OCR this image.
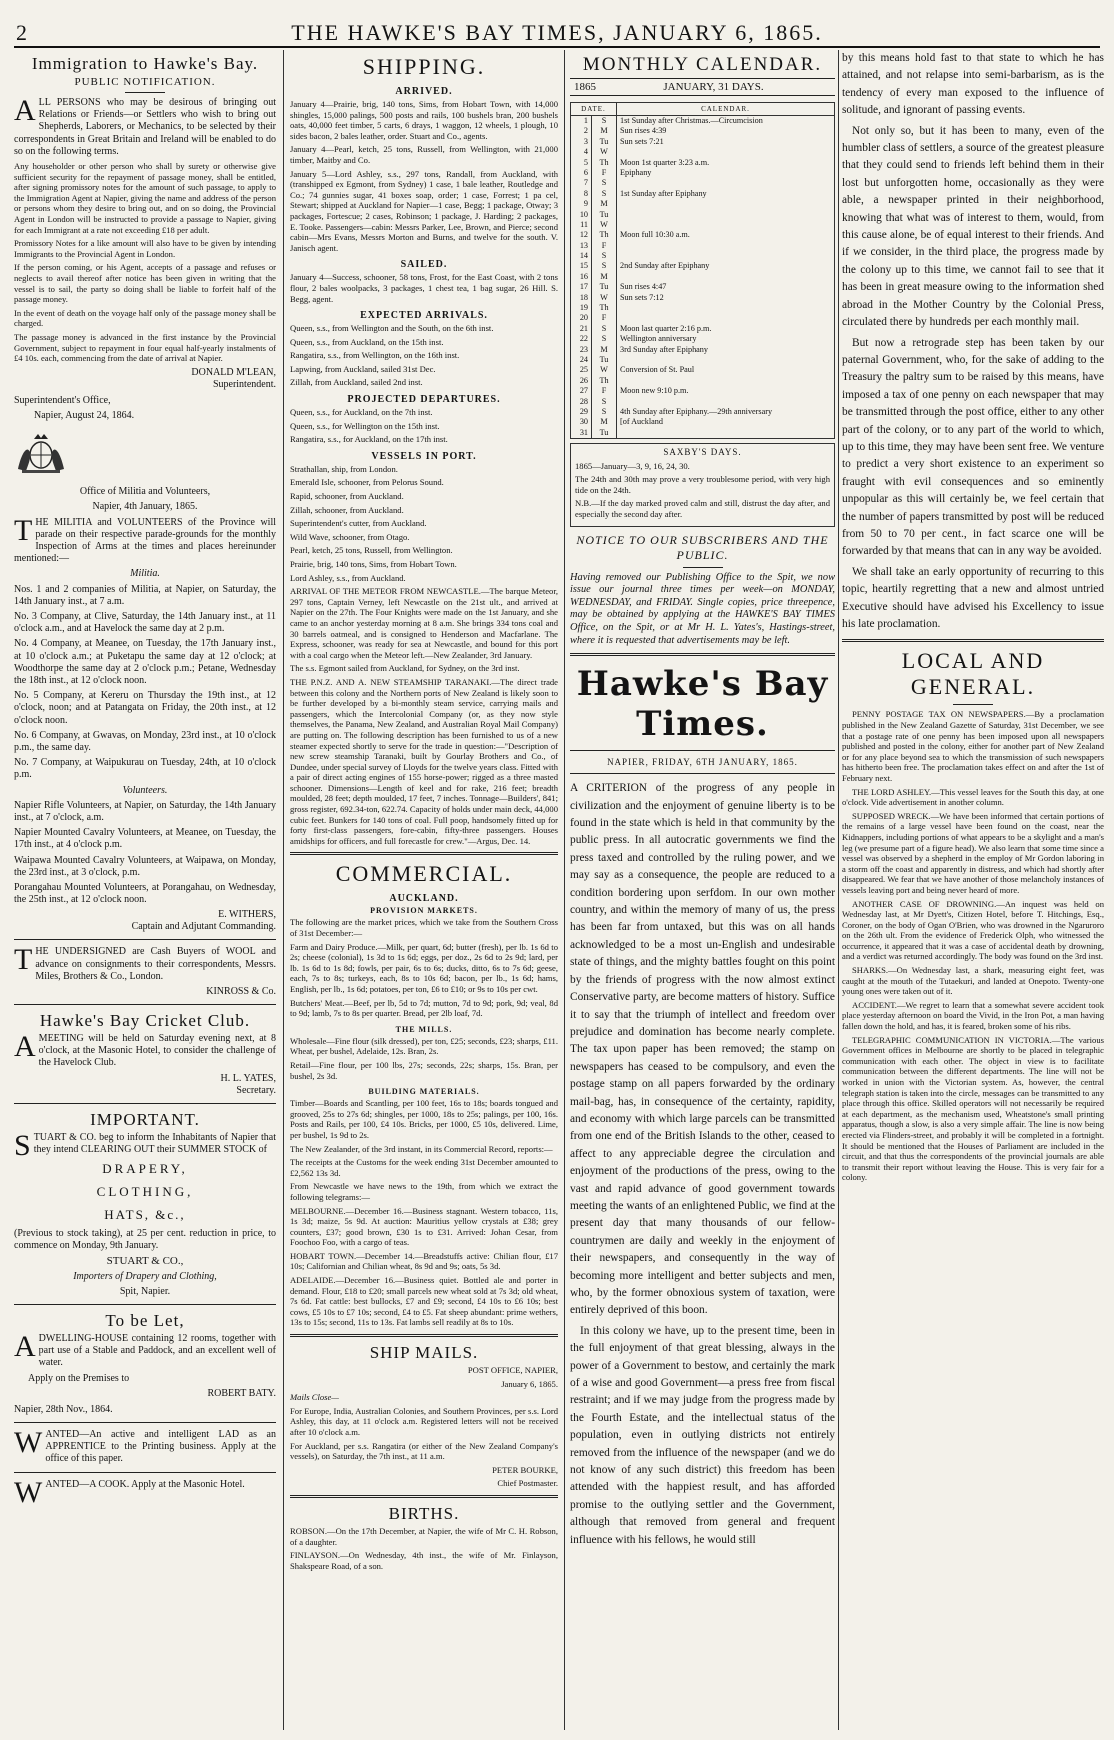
2	THE HAWKE'S BAY TIMES, JANUARY 6, 1865.
Immigration to Hawke's Bay.
PUBLIC NOTIFICATION.

ALL PERSONS who may be desirous of bringing out Relations or Friends—or Settlers who wish to bring out Shepherds, Laborers, or Mechanics, to be selected by their correspondents in Great Britain and Ireland will be enabled to do so on the following terms.

Any householder or other person who shall by surety or otherwise give sufficient security for the repayment of passage money, shall be entitled, after signing promissory notes for the amount of such passage, to apply to the Immigration Agent at Napier, giving the name and address of the person or persons whom they desire to bring out, and on so doing, the Provincial Agent in London will be instructed to provide a passage to Napier, giving for each Immigrant at a rate not exceeding £18 per adult.

Promissory Notes for a like amount will also have to be given by intending Immigrants to the Provincial Agent in London.

If the person coming, or his Agent, accepts of a passage and refuses or neglects to avail thereof after notice has been given in writing that the vessel is to sail, the party so doing shall be liable to forfeit half of the passage money.

In the event of death on the voyage half only of the passage money shall be charged.

The passage money is advanced in the first instance by the Provincial Government, subject to repayment in four equal half-yearly instalments of £4 10s. each, commencing from the date of arrival at Napier.

DONALD M'LEAN,
Superintendent.

Superintendent's Office,

Napier, August 24, 1864.

Office of Militia and Volunteers,

Napier, 4th January, 1865.

THE MILITIA and VOLUNTEERS of the Province will parade on their respective parade-grounds for the monthly Inspection of Arms at the times and places hereinunder mentioned:—

Militia.

Nos. 1 and 2 companies of Militia, at Napier, on Saturday, the 14th January inst., at 7 a.m.

No. 3 Company, at Clive, Saturday, the 14th January inst., at 11 o'clock a.m., and at Havelock the same day at 2 p.m.

No. 4 Company, at Meanee, on Tuesday, the 17th January inst., at 10 o'clock a.m.; at Puketapu the same day at 12 o'clock; at Woodthorpe the same day at 2 o'clock p.m.; Petane, Wednesday the 18th inst., at 12 o'clock noon.

No. 5 Company, at Kereru on Thursday the 19th inst., at 12 o'clock, noon; and at Patangata on Friday, the 20th inst., at 12 o'clock noon.

No. 6 Company, at Gwavas, on Monday, 23rd inst., at 10 o'clock p.m., the same day.

No. 7 Company, at Waipukurau on Tuesday, 24th, at 10 o'clock p.m.

Volunteers.

Napier Rifle Volunteers, at Napier, on Saturday, the 14th January inst., at 7 o'clock, a.m.

Napier Mounted Cavalry Volunteers, at Meanee, on Tuesday, the 17th inst., at 4 o'clock p.m.

Waipawa Mounted Cavalry Volunteers, at Waipawa, on Monday, the 23rd inst., at 3 o'clock, p.m.

Porangahau Mounted Volunteers, at Porangahau, on Wednesday, the 25th inst., at 12 o'clock noon.

E. WITHERS,
Captain and Adjutant Commanding.

THE UNDERSIGNED are Cash Buyers of WOOL and advance on consignments to their correspondents, Messrs. Miles, Brothers & Co., London.

KINROSS & Co.
Hawke's Bay Cricket Club.

AMEETING will be held on Saturday evening next, at 8 o'clock, at the Masonic Hotel, to consider the challenge of the Havelock Club.

H. L. YATES,
Secretary.
IMPORTANT.

STUART & CO. beg to inform the Inhabitants of Napier that they intend CLEARING OUT their SUMMER STOCK of

DRAPERY,

CLOTHING,

HATS, &c.,

(Previous to stock taking), at 25 per cent. reduction in price, to commence on Monday, 9th January.

STUART & CO.,

Importers of Drapery and Clothing,

Spit, Napier.

To be Let,

ADWELLING-HOUSE containing 12 rooms, together with part use of a Stable and Paddock, and an excellent well of water.

Apply on the Premises to

ROBERT BATY.

Napier, 28th Nov., 1864.

WANTED—An active and intelligent LAD as an APPRENTICE to the Printing business. Apply at the office of this paper.

WANTED—A COOK. Apply at the Masonic Hotel.

SHIPPING.
ARRIVED.

January 4—Prairie, brig, 140 tons, Sims, from Hobart Town, with 14,000 shingles, 15,000 palings, 500 posts and rails, 100 bushels bran, 200 bushels oats, 40,000 feet timber, 5 carts, 6 drays, 1 waggon, 12 wheels, 1 plough, 10 sides bacon, 2 bales leather, order. Stuart and Co., agents.

January 4—Pearl, ketch, 25 tons, Russell, from Wellington, with 21,000 timber, Maitby and Co.

January 5—Lord Ashley, s.s., 297 tons, Randall, from Auckland, with (transhipped ex Egmont, from Sydney) 1 case, 1 bale leather, Routledge and Co.; 74 gunnies sugar, 41 boxes soap, order; 1 case, Forrest; 1 pa cel, Stewart; shipped at Auckland for Napier—1 case, Begg; 1 package, Otway; 3 packages, Fortescue; 2 cases, Robinson; 1 package, J. Harding; 2 packages, E. Tooke. Passengers—cabin: Messrs Parker, Lee, Brown, and Pierce; second cabin—Mrs Evans, Messrs Morton and Burns, and twelve for the south. V. Janisch agent.

SAILED.

January 4—Success, schooner, 58 tons, Frost, for the East Coast, with 2 tons flour, 2 bales woolpacks, 3 packages, 1 chest tea, 1 bag sugar, 26 Hill. S. Begg, agent.

EXPECTED ARRIVALS.

Queen, s.s., from Wellington and the South, on the 6th inst.

Queen, s.s., from Auckland, on the 15th inst.

Rangatira, s.s., from Wellington, on the 16th inst.

Lapwing, from Auckland, sailed 31st Dec.

Zillah, from Auckland, sailed 2nd inst.

PROJECTED DEPARTURES.

Queen, s.s., for Auckland, on the 7th inst.

Queen, s.s., for Wellington on the 15th inst.

Rangatira, s.s., for Auckland, on the 17th inst.

VESSELS IN PORT.

Strathallan, ship, from London.

Emerald Isle, schooner, from Pelorus Sound.

Rapid, schooner, from Auckland.

Zillah, schooner, from Auckland.

Superintendent's cutter, from Auckland.

Wild Wave, schooner, from Otago.

Pearl, ketch, 25 tons, Russell, from Wellington.

Prairie, brig, 140 tons, Sims, from Hobart Town.

Lord Ashley, s.s., from Auckland.

ARRIVAL OF THE METEOR FROM NEWCASTLE.—The barque Meteor, 297 tons, Captain Verney, left Newcastle on the 21st ult., and arrived at Napier on the 27th. The Four Knights were made on the 1st January, and she came to an anchor yesterday morning at 8 a.m. She brings 334 tons coal and 30 barrels oatmeal, and is consigned to Henderson and Macfarlane. The Express, schooner, was ready for sea at Newcastle, and bound for this port with a coal cargo when the Meteor left.—New Zealander, 3rd January.

The s.s. Egmont sailed from Auckland, for Sydney, on the 3rd inst.

THE P.N.Z. AND A. NEW STEAMSHIP TARANAKI.—The direct trade between this colony and the Northern ports of New Zealand is likely soon to be further developed by a bi-monthly steam service, carrying mails and passengers, which the Intercolonial Company (or, as they now style themselves, the Panama, New Zealand, and Australian Royal Mail Company) are putting on. The following description has been furnished to us of a new steamer expected shortly to serve for the trade in question:—"Description of new screw steamship Taranaki, built by Gourlay Brothers and Co., of Dundee, under special survey of Lloyds for the twelve years class. Fitted with a pair of direct acting engines of 155 horse-power; rigged as a three masted schooner. Dimensions—Length of keel and for rake, 216 feet; breadth moulded, 28 feet; depth moulded, 17 feet, 7 inches. Tonnage—Builders', 841; gross register, 692.34-ton, 622.74. Capacity of holds under main deck, 44,000 cubic feet. Bunkers for 140 tons of coal. Full poop, handsomely fitted up for forty first-class passengers, fore-cabin, fifty-three passengers. Houses amidships for officers, and full forecastle for crew."—Argus, Dec. 14.

COMMERCIAL.
AUCKLAND.
PROVISION MARKETS.

The following are the market prices, which we take from the Southern Cross of 31st December:—

Farm and Dairy Produce.—Milk, per quart, 6d; butter (fresh), per lb. 1s 6d to 2s; cheese (colonial), 1s 3d to 1s 6d; eggs, per doz., 2s 6d to 2s 9d; lard, per lb. 1s 6d to 1s 8d; fowls, per pair, 6s to 6s; ducks, ditto, 6s to 7s 6d; geese, each, 7s to 8s; turkeys, each, 8s to 10s 6d; bacon, per lb., 1s 6d; hams, English, per lb., 1s 6d; potatoes, per ton, £6 to £10; or 9s to 10s per cwt.

Butchers' Meat.—Beef, per lb, 5d to 7d; mutton, 7d to 9d; pork, 9d; veal, 8d to 9d; lamb, 7s to 8s per quarter. Bread, per 2lb loaf, 7d.

THE MILLS.

Wholesale—Fine flour (silk dressed), per ton, £25; seconds, £23; sharps, £11. Wheat, per bushel, Adelaide, 12s. Bran, 2s.

Retail—Fine flour, per 100 lbs, 27s; seconds, 22s; sharps, 15s. Bran, per bushel, 2s 3d.

BUILDING MATERIALS.

Timber—Boards and Scantling, per 100 feet, 16s to 18s; boards tongued and grooved, 25s to 27s 6d; shingles, per 1000, 18s to 25s; palings, per 100, 16s. Posts and Rails, per 100, £4 10s. Bricks, per 1000, £5 10s, delivered. Lime, per bushel, 1s 9d to 2s.

The New Zealander, of the 3rd instant, in its Commercial Record, reports:—

The receipts at the Customs for the week ending 31st December amounted to £2,562 13s 3d.

From Newcastle we have news to the 19th, from which we extract the following telegrams:—

MELBOURNE.—December 16.—Business stagnant. Western tobacco, 11s, 1s 3d; maize, 5s 9d. At auction: Mauritius yellow crystals at £38; grey counters, £37; good brown, £30 1s to £31. Arrived: Johan Cesar, from Foochoo Foo, with a cargo of teas.

HOBART TOWN.—December 14.—Breadstuffs active: Chilian flour, £17 10s; Californian and Chilian wheat, 8s 9d and 9s; oats, 5s 3d.

ADELAIDE.—December 16.—Business quiet. Bottled ale and porter in demand. Flour, £18 to £20; small parcels new wheat sold at 7s 3d; old wheat, 7s 6d. Fat cattle: best bullocks, £7 and £9; second, £4 10s to £6 10s; best cows, £5 10s to £7 10s; second, £4 to £5. Fat sheep abundant: prime wethers, 13s to 15s; second, 11s to 13s. Fat lambs sell readily at 8s to 10s.

SHIP MAILS.

POST OFFICE, NAPIER,

January 6, 1865.

Mails Close—

For Europe, India, Australian Colonies, and Southern Provinces, per s.s. Lord Ashley, this day, at 11 o'clock a.m. Registered letters will not be received after 10 o'clock a.m.

For Auckland, per s.s. Rangatira (or either of the New Zealand Company's vessels), on Saturday, the 7th inst., at 11 a.m.

PETER BOURKE,

Chief Postmaster.

BIRTHS.

ROBSON.—On the 17th December, at Napier, the wife of Mr C. H. Robson, of a daughter.

FINLAYSON.—On Wednesday, 4th inst., the wife of Mr. Finlayson, Shakspeare Road, of a son.

MONTHLY CALENDAR.
1865	JANUARY, 31 DAYS.
DATE.		CALENDAR.
1	S	1st Sunday after Christmas.—Circumcision
2	M	Sun rises 4:39
3	Tu	Sun sets 7:21
4	W	
5	Th	Moon 1st quarter 3:23 a.m.
6	F	Epiphany
7	S	
8	S	1st Sunday after Epiphany
9	M	
10	Tu	
11	W	
12	Th	Moon full 10:30 a.m.
13	F	
14	S	
15	S	2nd Sunday after Epiphany
16	M	
17	Tu	Sun rises 4:47
18	W	Sun sets 7:12
19	Th	
20	F	
21	S	Moon last quarter 2:16 p.m.
22	S	Wellington anniversary
23	M	3rd Sunday after Epiphany
24	Tu	
25	W	Conversion of St. Paul
26	Th	
27	F	Moon new 9:10 p.m.
28	S	
29	S	4th Sunday after Epiphany.—29th anniversary
30	M	[of Auckland
31	Tu	

SAXBY'S DAYS.

1865—January—3, 9, 16, 24, 30.

The 24th and 30th may prove a very troublesome period, with very high tide on the 24th.

N.B.—If the day marked proved calm and still, distrust the day after, and especially the second day after.

NOTICE TO OUR SUBSCRIBERS AND THE PUBLIC.

Having removed our Publishing Office to the Spit, we now issue our journal three times per week—on MONDAY, WEDNESDAY, and FRIDAY. Single copies, price threepence, may be obtained by applying at the HAWKE'S BAY TIMES Office, on the Spit, or at Mr H. L. Yates's, Hastings-street, where it is requested that advertisements may be left.

Hawke's Bay Times.
NAPIER, FRIDAY, 6TH JANUARY, 1865.

A CRITERION of the progress of any people in civilization and the enjoyment of genuine liberty is to be found in the state which is held in that community by the public press. In all autocratic governments we find the press taxed and controlled by the ruling power, and we may say as a consequence, the people are reduced to a condition bordering upon serfdom. In our own mother country, and within the memory of many of us, the press has been far from untaxed, but this was on all hands acknowledged to be a most un-English and undesirable state of things, and the mighty battles fought on this point by the friends of progress with the now almost extinct Conservative party, are become matters of history. Suffice it to say that the triumph of intellect and freedom over prejudice and domination has become nearly complete. The tax upon paper has been removed; the stamp on newspapers has ceased to be compulsory, and even the postage stamp on all papers forwarded by the ordinary mail-bag, has, in consequence of the certainty, rapidity, and economy with which large parcels can be transmitted from one end of the British Islands to the other, ceased to affect to any appreciable degree the circulation and enjoyment of the productions of the press, owing to the vast and rapid advance of good government towards meeting the wants of an enlightened Public, we find at the present day that many thousands of our fellow-countrymen are daily and weekly in the enjoyment of their newspapers, and consequently in the way of becoming more intelligent and better subjects and men, who, by the former obnoxious system of taxation, were entirely deprived of this boon.

In this colony we have, up to the present time, been in the full enjoyment of that great blessing, always in the power of a Government to bestow, and certainly the mark of a wise and good Government—a press free from fiscal restraint; and if we may judge from the progress made by the Fourth Estate, and the intellectual status of the population, even in outlying districts not entirely removed from the influence of the newspaper (and we do not know of any such district) this freedom has been attended with the happiest result, and has afforded promise to the outlying settler and the Government, although that removed from general and frequent influence with his fellows, he would still

by this means hold fast to that state to which he has attained, and not relapse into semi-barbarism, as is the tendency of every man exposed to the influence of solitude, and ignorant of passing events.

Not only so, but it has been to many, even of the humbler class of settlers, a source of the greatest pleasure that they could send to friends left behind them in their lost but unforgotten home, occasionally as they were able, a newspaper printed in their neighborhood, knowing that what was of interest to them, would, from this cause alone, be of equal interest to their friends. And if we consider, in the third place, the progress made by the colony up to this time, we cannot fail to see that it has been in great measure owing to the information shed abroad in the Mother Country by the Colonial Press, circulated there by hundreds per each monthly mail.

But now a retrograde step has been taken by our paternal Government, who, for the sake of adding to the Treasury the paltry sum to be raised by this means, have imposed a tax of one penny on each newspaper that may be transmitted through the post office, either to any other part of the colony, or to any part of the world to which, up to this time, they may have been sent free. We venture to predict a very short existence to an experiment so fraught with evil consequences and so eminently unpopular as this will certainly be, we feel certain that the number of papers transmitted by post will be reduced from 50 to 70 per cent., in fact scarce one will be forwarded by that means that can in any way be avoided.

We shall take an early opportunity of recurring to this topic, heartily regretting that a new and almost untried Executive should have advised his Excellency to issue his late proclamation.

LOCAL AND GENERAL.

PENNY POSTAGE TAX ON NEWSPAPERS.—By a proclamation published in the New Zealand Gazette of Saturday, 31st December, we see that a postage rate of one penny has been imposed upon all newspapers published and posted in the colony, either for another part of New Zealand or for any place beyond sea to which the transmission of such newspapers has hitherto been free. The proclamation takes effect on and after the 1st of February next.

THE LORD ASHLEY.—This vessel leaves for the South this day, at one o'clock. Vide advertisement in another column.

SUPPOSED WRECK.—We have been informed that certain portions of the remains of a large vessel have been found on the coast, near the Kidnappers, including portions of what appears to be a skylight and a man's leg (we presume part of a figure head). We also learn that some time since a vessel was observed by a shepherd in the employ of Mr Gordon laboring in a storm off the coast and apparently in distress, and which had shortly after disappeared. We fear that we have another of those melancholy instances of vessels leaving port and being never heard of more.

ANOTHER CASE OF DROWNING.—An inquest was held on Wednesday last, at Mr Dyett's, Citizen Hotel, before T. Hitchings, Esq., Coroner, on the body of Ogan O'Brien, who was drowned in the Ngaruroro on the 26th ult. From the evidence of Frederick Olph, who witnessed the occurrence, it appeared that it was a case of accidental death by drowning, and a verdict was returned accordingly. The body was found on the 3rd inst.

SHARKS.—On Wednesday last, a shark, measuring eight feet, was caught at the mouth of the Tutaekuri, and landed at Onepoto. Twenty-one young ones were taken out of it.

ACCIDENT.—We regret to learn that a somewhat severe accident took place yesterday afternoon on board the Vivid, in the Iron Pot, a man having fallen down the hold, and has, it is feared, broken some of his ribs.

TELEGRAPHIC COMMUNICATION IN VICTORIA.—The various Government offices in Melbourne are shortly to be placed in telegraphic communication with each other. The object in view is to facilitate communication between the different departments. The line will not be worked in union with the Victorian system. As, however, the central telegraph station is taken into the circle, messages can be transmitted to any place through this office. Skilled operators will not necessarily be required at each department, as the mechanism used, Wheatstone's small printing apparatus, though a slow, is also a very simple affair. The line is now being erected via Flinders-street, and probably it will be completed in a fortnight. It should be mentioned that the Houses of Parliament are included in the circuit, and that thus the correspondents of the provincial journals are able to transmit their report without leaving the House. This is very fair for a colony.
